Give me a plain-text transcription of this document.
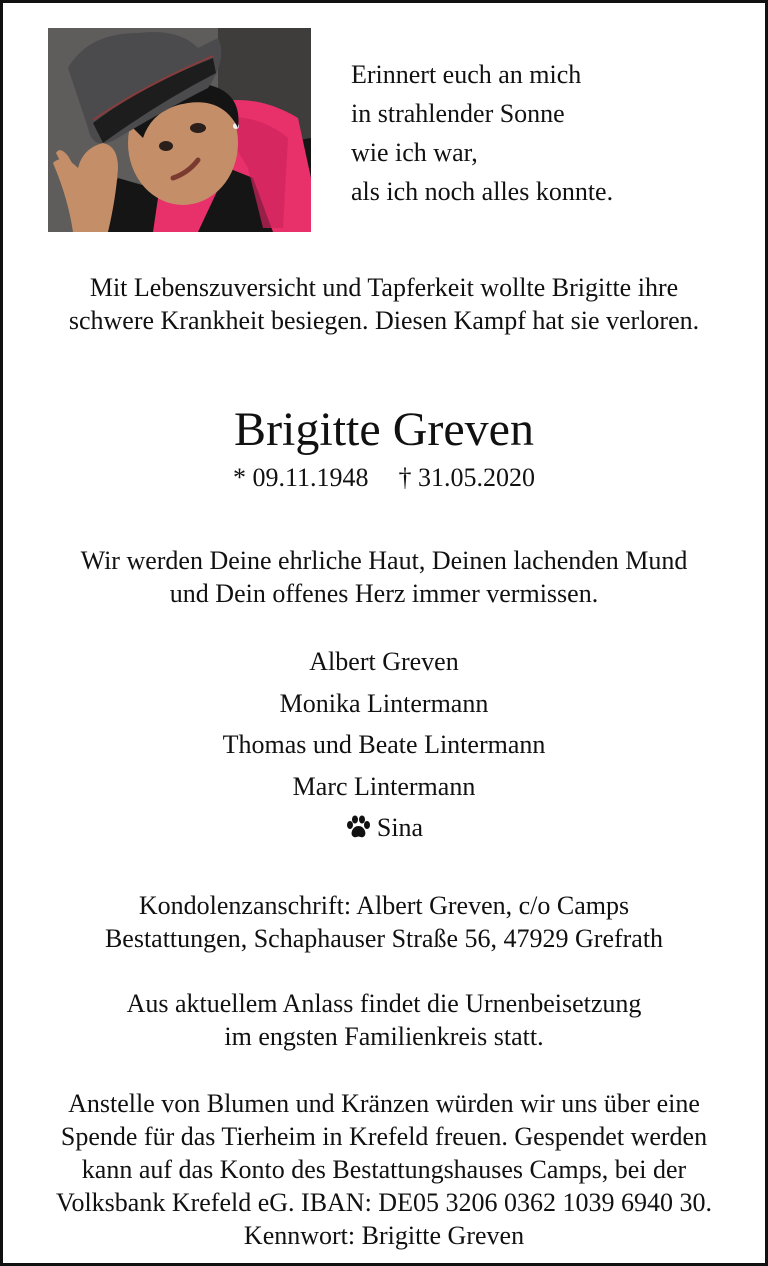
Erinnert euch an mich
in strahlender Sonne
wie ich war,
als ich noch alles konnte.
Mit Lebenszuversicht und Tapferkeit wollte Brigitte ihre
schwere Krankheit besiegen. Diesen Kampf hat sie verloren.
Brigitte Greven
* 09.11.1948 † 31.05.2020
Wir werden Deine ehrliche Haut, Deinen lachenden Mund
und Dein offenes Herz immer vermissen.
Albert Greven
Monika Lintermann
Thomas und Beate Lintermann
Marc Lintermann
Sina
Kondolenzanschrift: Albert Greven, c/o Camps
Bestattungen, Schaphauser Straße 56, 47929 Grefrath
Aus aktuellem Anlass findet die Urnenbeisetzung
im engsten Familienkreis statt.
Anstelle von Blumen und Kränzen würden wir uns über eine
Spende für das Tierheim in Krefeld freuen. Gespendet werden
kann auf das Konto des Bestattungshauses Camps, bei der
Volksbank Krefeld eG. IBAN: DE05 3206 0362 1039 6940 30.
Kennwort: Brigitte Greven
